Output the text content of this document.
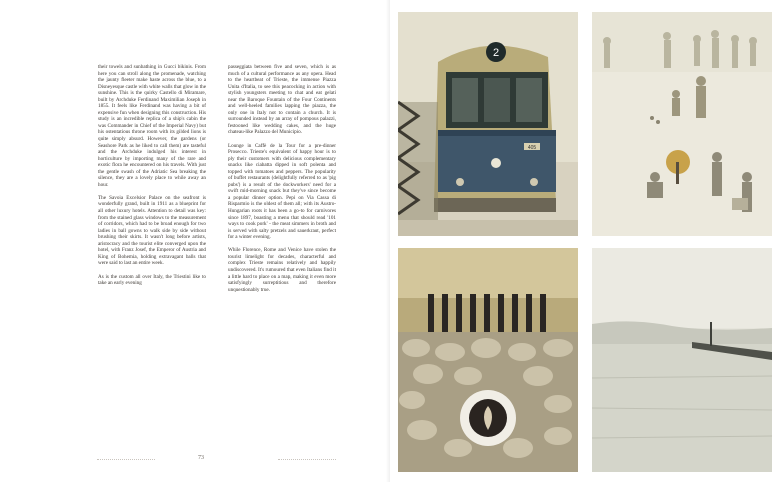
their towels and sunbathing in Gucci bikinis. From here you can stroll along the promenade, watching the jaunty fleeter make haste across the blue, to a Disneyesque castle with white walls that glow in the sunshine. This is the quirky Castello di Miramare, built by Archduke Ferdinand Maximilian Joseph in 1855. It feels like Ferdinand was having a bit of expensive fun when designing this construction. His study is an incredible replica of a ship's cabin the was Commander in Chief of the Imperial Navy) but his ostentatious throne room with its gilded lions is quite simply absurd. However, the gardens (or Seashore Park as he liked to call them) are tasteful and the Archduke indulged his interest in horticulture by importing many of the rare and exotic flora he encountered on his travels. With just the gentle swash of the Adriatic Sea breaking the silence, they are a lovely place to while away an hour.

The Savoia Excelsior Palace on the seafront is wonderfully grand, built in 1911 as a blueprint for all other luxury hotels. Attention to detail was key: from the stained glass windows to the measurement of corridors, which had to be broad enough for two ladies in ball gowns to walk side by side without brushing their skirts. It wasn't long before artists, aristocracy and the tourist elite converged upon the hotel, with Franz Josef, the Emperor of Austria and King of Bohemia, holding extravagant balls that were said to last an entire week.

As is the custom all over Italy, the Triestini like to take an early evening

passeggiata between five and seven, which is as much of a cultural performance as any opera. Head to the heartbeat of Trieste, the immense Piazza Unita d'Italia, to see this peacocking in action with stylish youngsters meeting to chat and eat gelati near the Baroque Fountain of the Four Continents and well-heeled families lapping the piazza, the only one in Italy not to contain a church. It is surrounded instead by an array of pompous palazzi, festooned like wedding cakes, and the huge chateau-like Palazzo del Municipio.

Lounge in Caffè de la Tour for a pre-dinner Prosecco. Trieste's equivalent of happy hour is to ply their customers with delicious complementary snacks like ciabatta dipped in soft polenta and topped with tomatoes and peppers. The popularity of buffet restaurants (delightfully referred to as 'pig pubs') is a result of the dockworkers' need for a swift mid-morning snack but they've since become a popular dinner option. Pepi on Via Cassa di Risparmio is the oldest of them all; with its Austro-Hungarian roots it has been a go-to for carnivores since 1897, boasting a menu that should read '101 ways to cook pork' - the meat simmers in broth and is served with salty pretzels and sauerkraut, perfect for a winter evening.

While Florence, Rome and Venice have stolen the tourist limelight for decades, characterful and complex Trieste remains relatively and happily undiscovered. It's rumoured that even Italians find it a little hard to place on a map, making it even more satisfyingly surreptitious and therefore unquestionably true.

73
405
2
